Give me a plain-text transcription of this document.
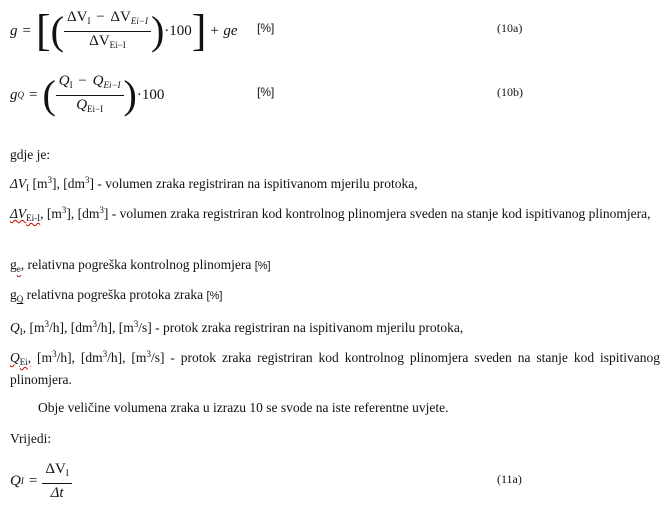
g = [ ( $\frac{\Delta V_I - \Delta V_{Ei-I}}{\Delta V_{Ei-I}}$ ) ·100 ] + ge [%]	(10a)
g Q = ( $\frac{Q_I - Q_{Ei-I}}{Q_{Ei-I}}$ ) ·100	[%]	(10b)
gdje je:
$\Delta V_I$ $[m^3]$, $[dm^3]$ - volumen zraka registriran na ispitivanom mjerilu protoka,
$\Delta V_{Ei-I}$, $[m^3]$, $[dm^3]$ - volumen zraka registriran kod kontrolnog plinomjera sveden na stanje kod ispitivanog plinomjera,
$g_e$, relativna pogreška kontrolnog plinomjera [%]
$g_Q$ relativna pogreška protoka zraka [%]
$Q_I$, $[m^3/h]$, $[dm^3/h]$, $[m^3/s]$ - protok zraka registriran na ispitivanom mjerilu protoka,
$Q_{Ei}$, $[m^3/h]$, $[dm^3/h]$, $[m^3/s]$ - protok zraka registriran kod kontrolnog plinomjera sveden na stanje kod ispitivanog plinomjera.
Obje veličine volumena zraka u izrazu 10 se svode na iste referentne uvjete.
Vrijedi:
Q $I = \frac{\Delta V_I}{\Delta t}$	(11a)
